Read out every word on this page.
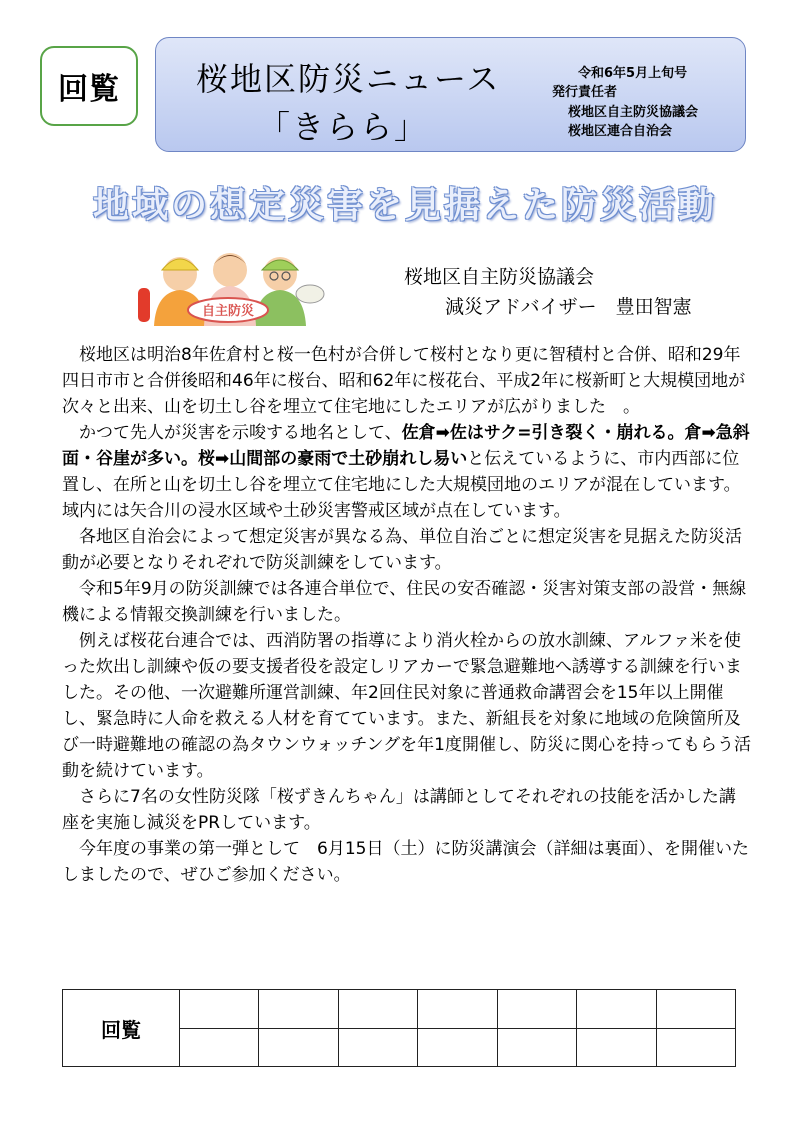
回覧	桜地区防災ニュース
「きらら」
令和6年5月上旬号
発行責任者
桜地区自主防災協議会
桜地区連合自治会
地域の想定災害を見据えた防災活動
自主防災
桜地区自主防災協議会
減災アドバイザー　豊田智憲

桜地区は明治8年佐倉村と桜一色村が合併して桜村となり更に智積村と合併、昭和29年四日市市と合併後昭和46年に桜台、昭和62年に桜花台、平成2年に桜新町と大規模団地が次々と出来、山を切土し谷を埋立て住宅地にしたエリアが広がりました　。

かつて先人が災害を示唆する地名として、佐倉➡佐はサク=引き裂く・崩れる。倉➡急斜面・谷崖が多い。桜➡山間部の豪雨で土砂崩れし易いと伝えているように、市内西部に位置し、在所と山を切土し谷を埋立て住宅地にした大規模団地のエリアが混在しています。域内には矢合川の浸水区域や土砂災害警戒区域が点在しています。

各地区自治会によって想定災害が異なる為、単位自治ごとに想定災害を見据えた防災活動が必要となりそれぞれで防災訓練をしています。

令和5年9月の防災訓練では各連合単位で、住民の安否確認・災害対策支部の設営・無線機による情報交換訓練を行いました。

例えば桜花台連合では、西消防署の指導により消火栓からの放水訓練、アルファ米を使った炊出し訓練や仮の要支援者役を設定しリアカーで緊急避難地へ誘導する訓練を行いました。その他、一次避難所運営訓練、年2回住民対象に普通救命講習会を15年以上開催し、緊急時に人命を救える人材を育てています。また、新組長を対象に地域の危険箇所及び一時避難地の確認の為タウンウォッチングを年1度開催し、防災に関心を持ってもらう活動を続けています。

さらに7名の女性防災隊「桜ずきんちゃん」は講師としてそれぞれの技能を活かした講座を実施し減災をPRしています。

今年度の事業の第一弾として　6月15日（土）に防災講演会（詳細は裏面）、を開催いたしましたので、ぜひご参加ください。

回覧							
